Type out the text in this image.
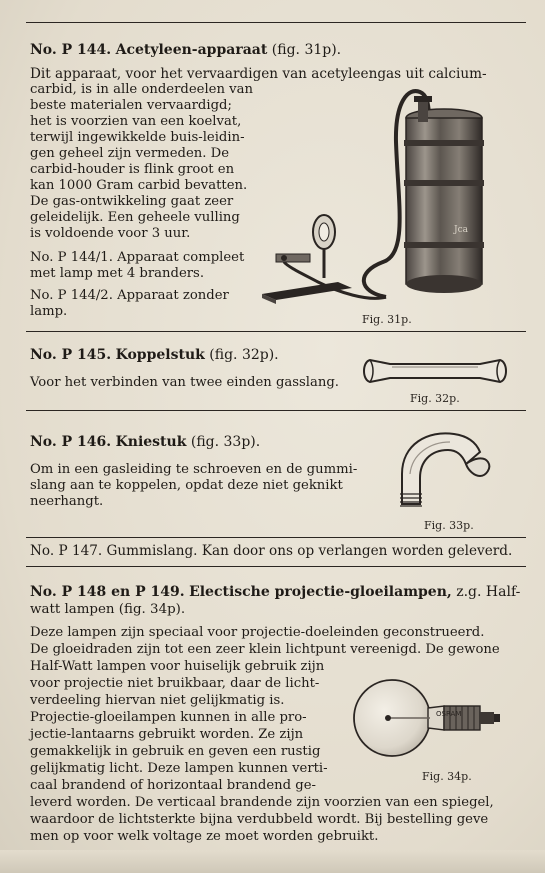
No. P 144. Acetyleen-apparaat (fig. 31p).
Dit apparaat, voor het vervaardigen van acetyleengas uit calcium-
carbid, is in alle onderdeelen van
beste materialen vervaardigd;
het is voorzien van een koelvat,
terwijl ingewikkelde buis-leidin-
gen geheel zijn vermeden. De
carbid-houder is flink groot en
kan 1000 Gram carbid bevatten.
De gas-ontwikkeling gaat zeer
geleidelijk. Een geheele vulling
is voldoende voor 3 uur.
No. P 144/1. Apparaat compleet
met lamp met 4 branders.
No. P 144/2. Apparaat zonder
lamp.
Jca
Fig. 31p.
No. P 145. Koppelstuk (fig. 32p).
Voor het verbinden van twee einden gasslang.
Fig. 32p.
No. P 146. Kniestuk (fig. 33p).
Om in een gasleiding te schroeven en de gummi-
slang aan te koppelen, opdat deze niet geknikt
neerhangt.
Fig. 33p.
No. P 147. Gummislang. Kan door ons op verlangen worden geleverd.
No. P 148 en P 149. Electische projectie-gloeilampen, z.g. Half-
watt lampen (fig. 34p).
Deze lampen zijn speciaal voor projectie-doeleinden geconstrueerd.
De gloeidraden zijn tot een zeer klein lichtpunt vereenigd. De gewone
Half-Watt lampen voor huiselijk gebruik zijn
voor projectie niet bruikbaar, daar de licht-
verdeeling hiervan niet gelijkmatig is.
Projectie-gloeilampen kunnen in alle pro-
jectie-lantaarns gebruikt worden. Ze zijn
gemakkelijk in gebruik en geven een rustig
gelijkmatig licht. Deze lampen kunnen verti-
caal brandend of horizontaal brandend ge-
leverd worden. De verticaal brandende zijn voorzien van een spiegel,
waardoor de lichtsterkte bijna verdubbeld wordt. Bij bestelling geve
men op voor welk voltage ze moet worden gebruikt.
OSRAM
Fig. 34p.
